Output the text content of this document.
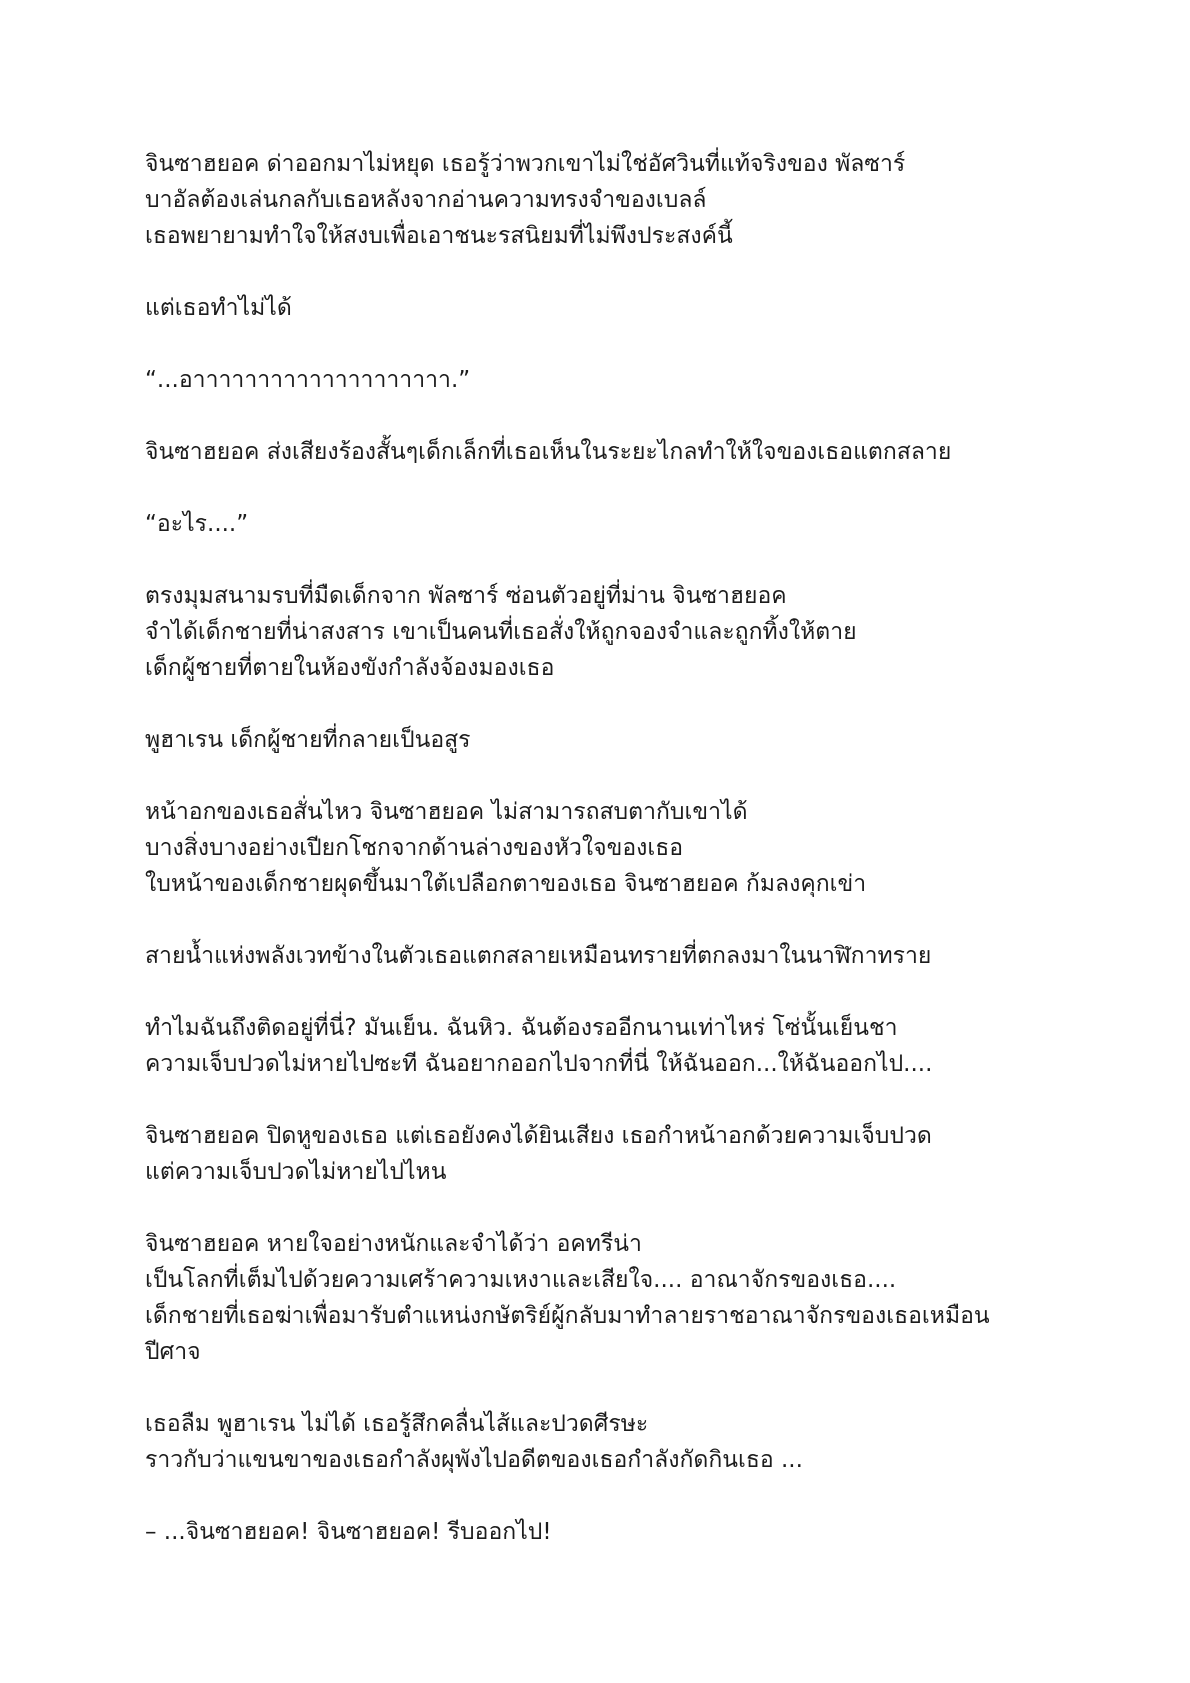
จินซาฮยอค ด่าออกมาไม่หยุด เธอรู้ว่าพวกเขาไม่ใช่อัศวินที่แท้จริงของ พัลซาร์
บาอัลต้องเล่นกลกับเธอหลังจากอ่านความทรงจำของเบลล์
เธอพยายามทำใจให้สงบเพื่อเอาชนะรสนิยมที่ไม่พึงประสงค์นี้

แต่เธอทำไม่ได้

“...อาาาาาาาาาาาาาาาาาาาา.”

จินซาฮยอค ส่งเสียงร้องสั้นๆเด็กเล็กที่เธอเห็นในระยะไกลทำให้ใจของเธอแตกสลาย

“อะไร....”

ตรงมุมสนามรบที่มืดเด็กจาก พัลซาร์ ซ่อนตัวอยู่ที่ม่าน จินซาฮยอค
จำได้เด็กชายที่น่าสงสาร เขาเป็นคนที่เธอสั่งให้ถูกจองจำและถูกทิ้งให้ตาย
เด็กผู้ชายที่ตายในห้องขังกำลังจ้องมองเธอ

พูฮาเรน เด็กผู้ชายที่กลายเป็นอสูร

หน้าอกของเธอสั่นไหว จินซาฮยอค ไม่สามารถสบตากับเขาได้
บางสิ่งบางอย่างเปียกโชกจากด้านล่างของหัวใจของเธอ
ใบหน้าของเด็กชายผุดขึ้นมาใต้เปลือกตาของเธอ จินซาฮยอค ก้มลงคุกเข่า

สายน้ำแห่งพลังเวทข้างในตัวเธอแตกสลายเหมือนทรายที่ตกลงมาในนาฬิกาทราย

ทำไมฉันถึงติดอยู่ที่นี่? มันเย็น. ฉันหิว. ฉันต้องรออีกนานเท่าไหร่ โซ่นั้นเย็นชา
ความเจ็บปวดไม่หายไปซะที ฉันอยากออกไปจากที่นี่ ให้ฉันออก...ให้ฉันออกไป....

จินซาฮยอค ปิดหูของเธอ แต่เธอยังคงได้ยินเสียง เธอกำหน้าอกด้วยความเจ็บปวด
แต่ความเจ็บปวดไม่หายไปไหน

จินซาฮยอค หายใจอย่างหนักและจำได้ว่า อคทรีน่า
เป็นโลกที่เต็มไปด้วยความเศร้าความเหงาและเสียใจ.... อาณาจักรของเธอ....
เด็กชายที่เธอฆ่าเพื่อมารับตำแหน่งกษัตริย์ผู้กลับมาทำลายราชอาณาจักรของเธอเหมือน
ปีศาจ

เธอลืม พูฮาเรน ไม่ได้ เธอรู้สึกคลื่นไส้และปวดศีรษะ
ราวกับว่าแขนขาของเธอกำลังผุพังไปอดีตของเธอกำลังกัดกินเธอ ...

– ...จินซาฮยอค! จินซาฮยอค! รีบออกไป!
